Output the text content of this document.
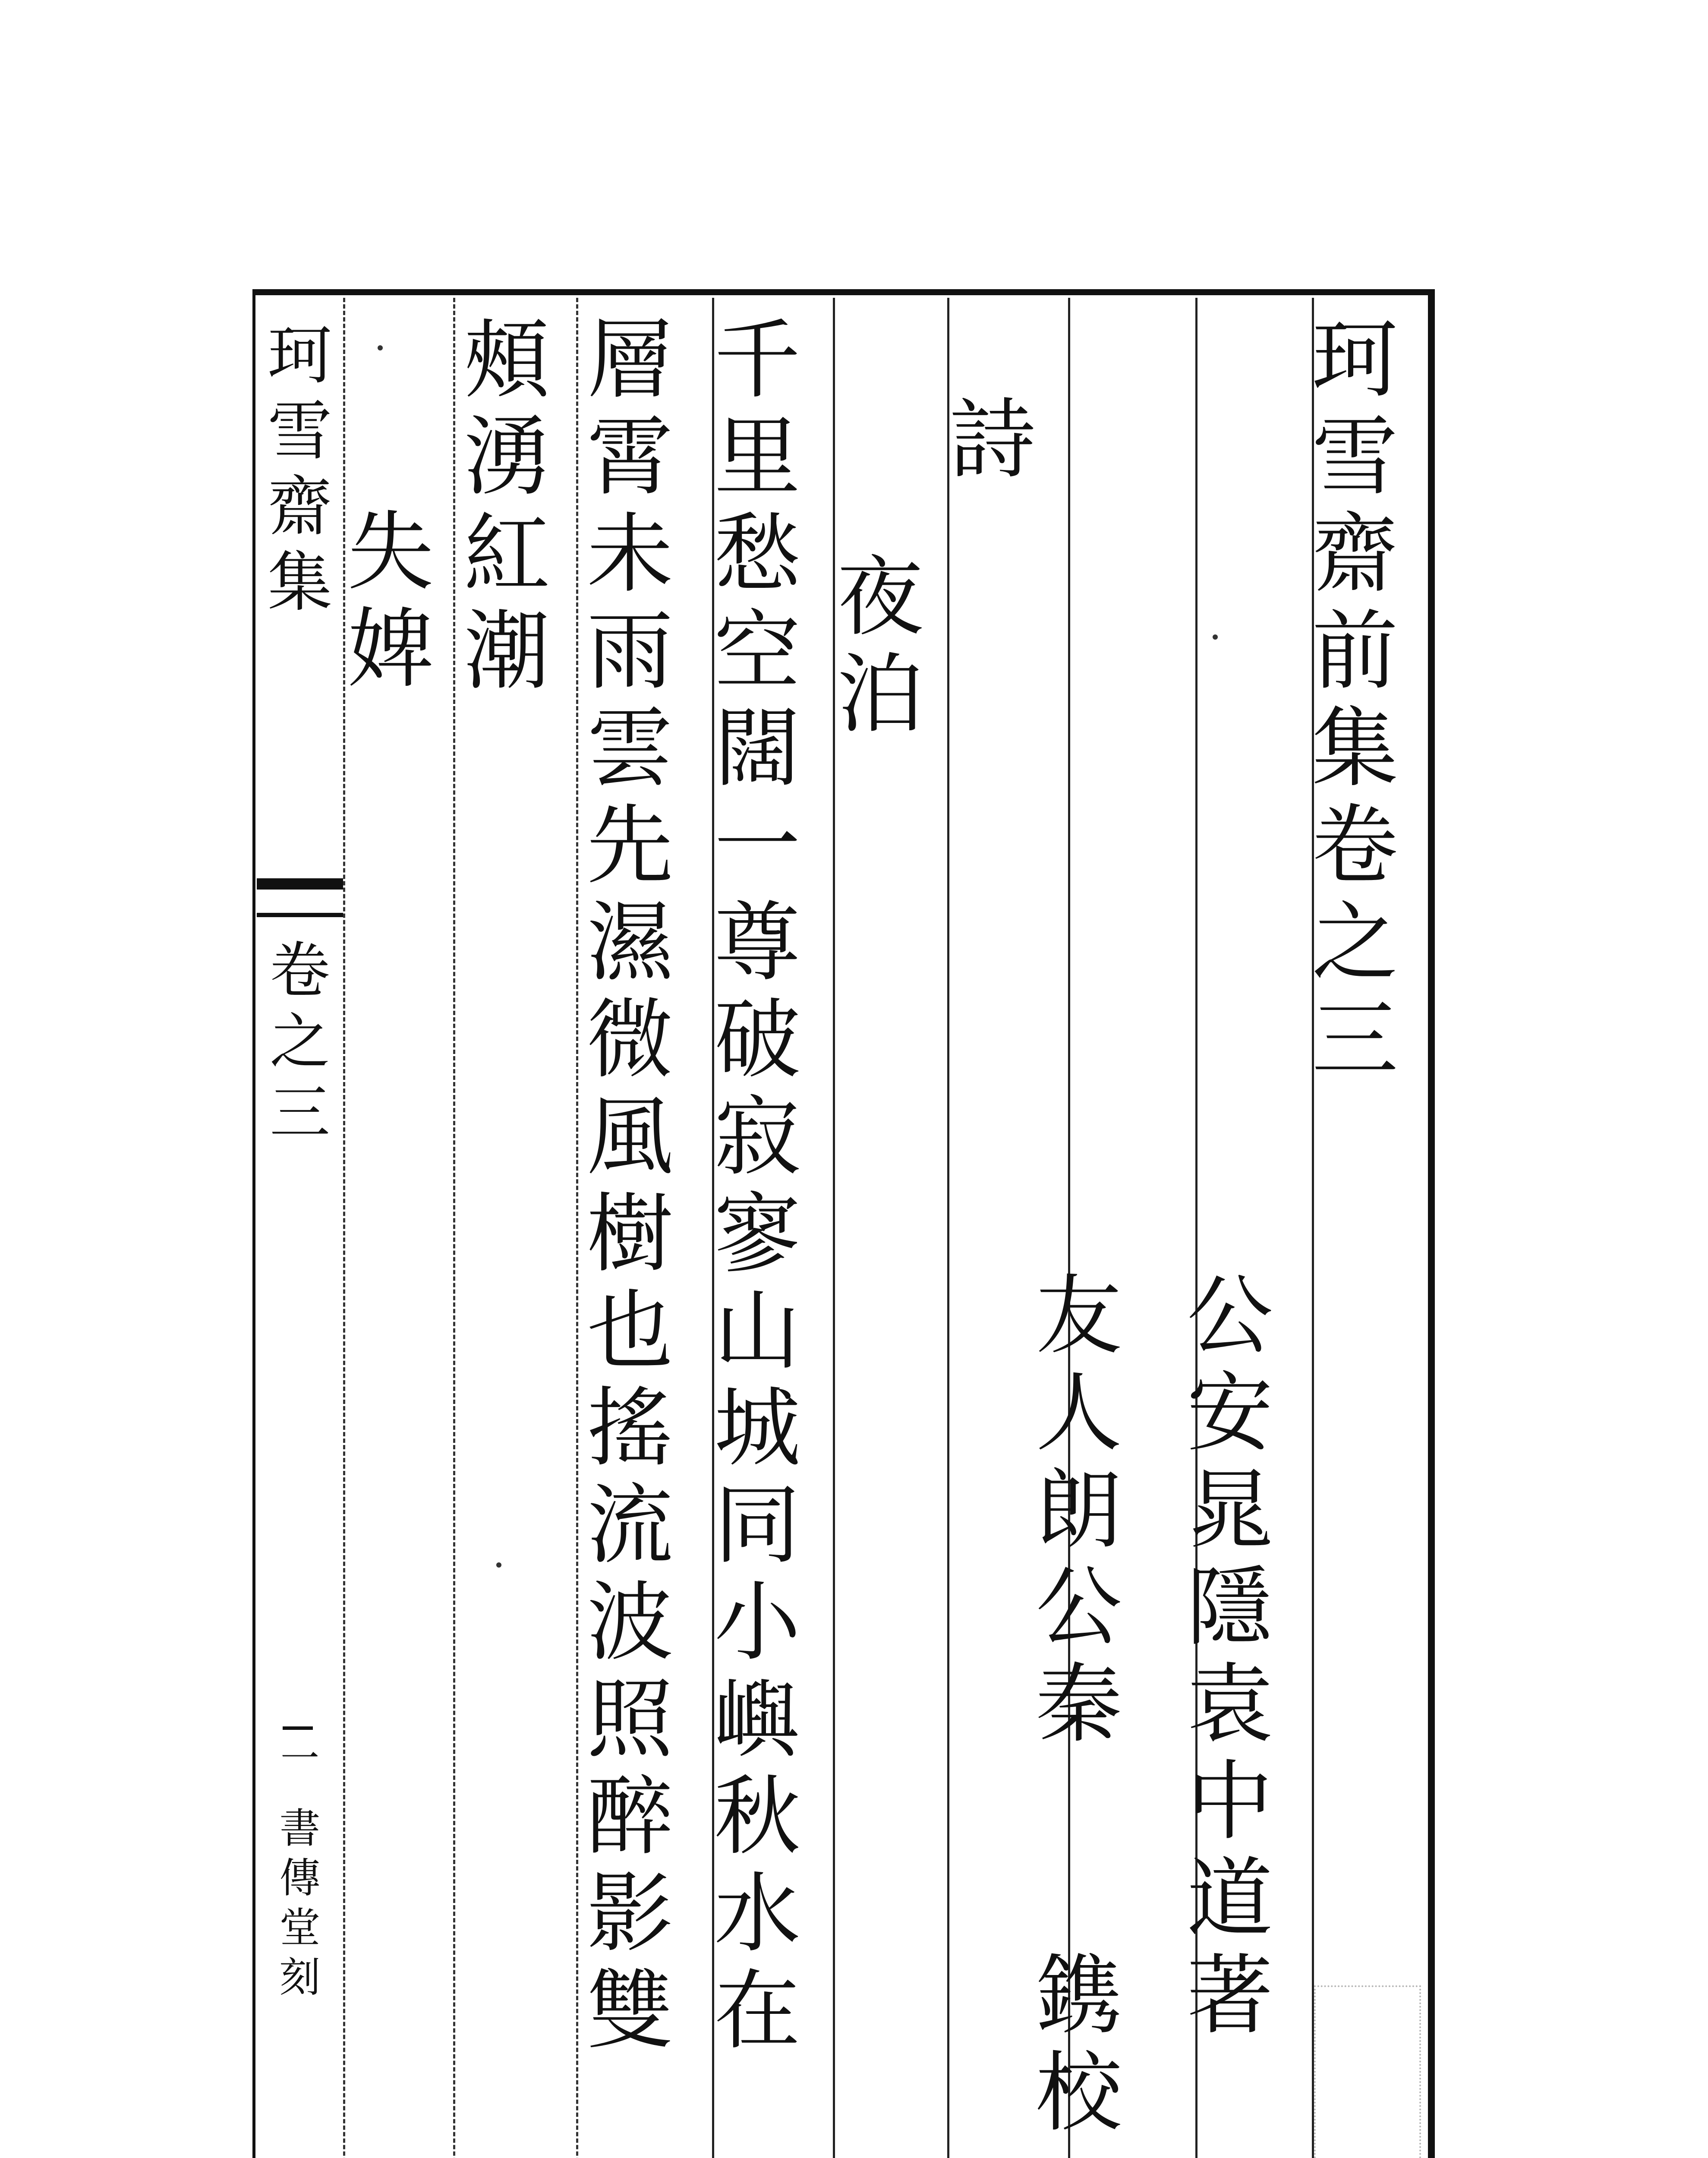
珂
雪
齋
前
集
卷
之
三
公
安
晁
隱
袁
中
道
著
友
人
朗
公
秦
鎸
校
詩
夜
泊
千
里
愁
空
闊
一
尊
破
寂
寥
山
城
同
小
嶼
秋
水
在
層
霄
未
雨
雲
先
濕
微
風
樹
也
搖
流
波
照
醉
影
雙
頰
湧
紅
潮
失
婢
珂
雪
齋
集
卷
之
三
一
書
傳
堂
刻
